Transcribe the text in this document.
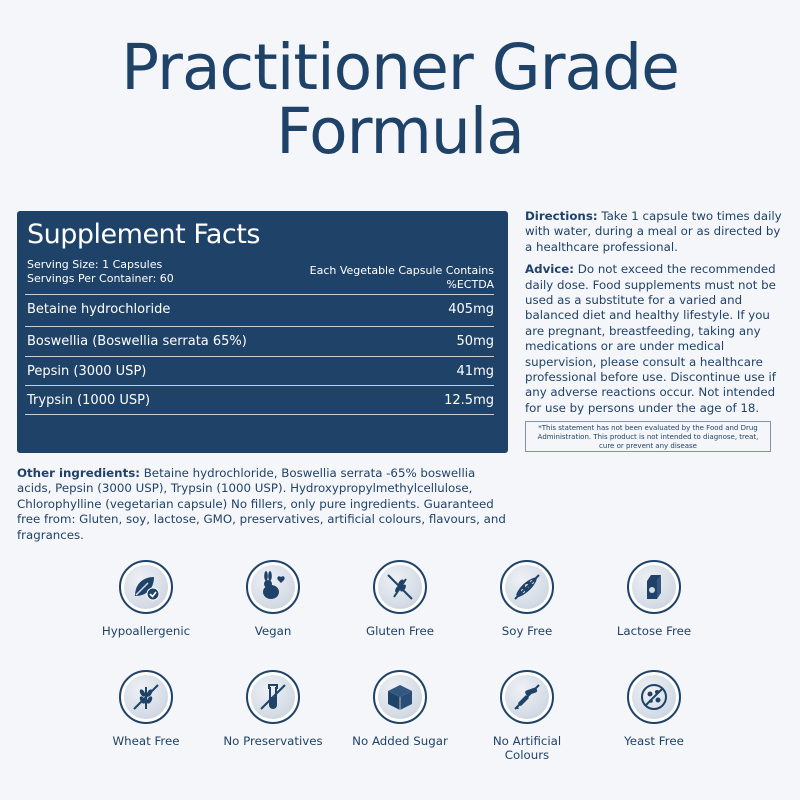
Practitioner Grade
Formula
Supplement Facts
Serving Size: 1 Capsules
Servings Per Container: 60
Each Vegetable Capsule Contains
%ECTDA
Betaine hydrochloride	405mg
Boswellia (Boswellia serrata 65%)	50mg
Pepsin (3000 USP)	41mg
Trypsin (1000 USP)	12.5mg

Directions: Take 1 capsule two times daily with water, during a meal or as directed by a healthcare professional.

Advice: Do not exceed the recommended daily dose. Food supplements must not be used as a substitute for a varied and balanced diet and healthy lifestyle. If you are pregnant, breastfeeding, taking any medications or are under medical supervision, please consult a healthcare professional before use. Discontinue use if any adverse reactions occur. Not intended for use by persons under the age of 18.

*This statement has not been evaluated by the Food and Drug Administration. This product is not intended to diagnose, treat, cure or prevent any disease
Other ingredients: Betaine hydrochloride, Boswellia serrata -65% boswellia acids, Pepsin (3000 USP), Trypsin (1000 USP). Hydroxypropylmethylcellulose, Chlorophylline (vegetarian capsule) No fillers, only pure ingredients. Guaranteed free from: Gluten, soy, lactose, GMO, preservatives, artificial colours, flavours, and fragrances.
Hypoallergenic	Vegan	Gluten Free	Soy Free	Lactose Free
Wheat Free	No Preservatives	No Added Sugar	No Artificial Colours
Yeast Free
